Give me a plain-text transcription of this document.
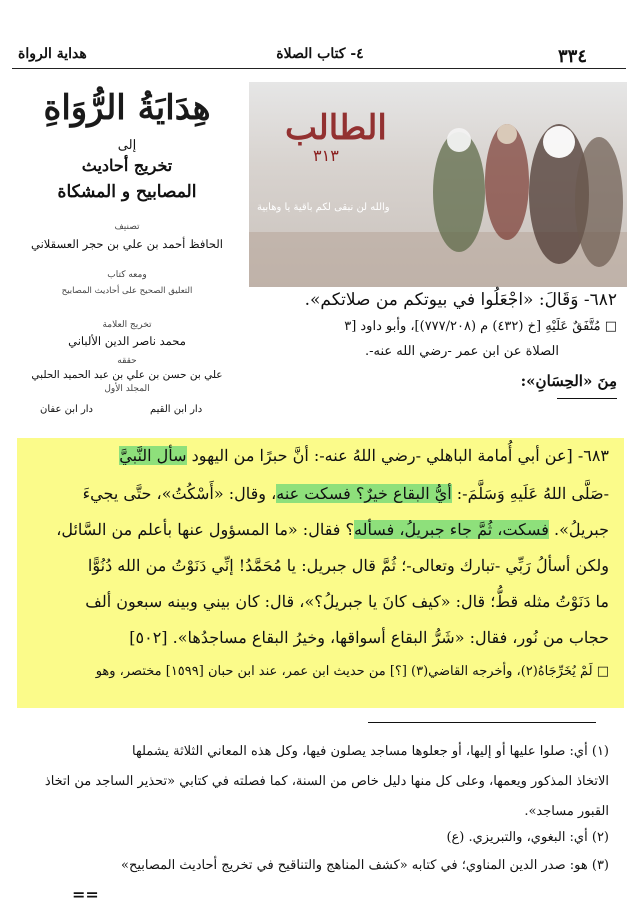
٣٣٤
٤- كتاب الصلاة
هداية الرواة
هِدَايَةُ الرُّوَاةِ
إلى
تخريج أحاديث
المصابيح و المشكاة
تصنيف
الحافظ أحمد بن علي بن حجر العسقلاني
ومعه كتاب
التعليق الصحيح على أحاديث المصابيح
تخريج العلامة
محمد ناصر الدين الألباني
حققه
علي بن حسن بن علي بن عبد الحميد الحلبي
المجلد الأول
دار ابن القيم
دار ابن عفان
الطالب
٣١٣
والله لن نبقى لكم باقية يا وهابية
٦٨٢- وَقَالَ: «اجْعَلُوا في بيوتكم من صلاتكم».
□ مُتَّفَقٌ عَلَيْهِ [خ (٤٣٢) م (٧٧٧/٢٠٨)]، وأبو داود [٣
الصلاة عن ابن عمر -رضي الله عنه-.
مِنَ «الحِسَانِ»:
٦٨٣- [عن أبي أُمامة الباهلي -رضي اللهُ عنه-: أنَّ حبرًا من اليهود سأل النَّبيَّ
-صَلَّى اللهُ عَلَيهِ وَسَلَّمَ-: أيُّ البقاع خيرٌ؟ فسكت عنه، وقال: «أَسْكُتُ»، حتَّى يجيءَ
جبريلُ». فسكت، ثُمَّ جاء جبريلُ، فسأله؟ فقال: «ما المسؤول عنها بأعلم من السَّائل،
ولكن أسألُ رَبِّي -تبارك وتعالى-؛ ثُمَّ قال جبريل: يا مُحَمَّدُ! إنِّي دَنَوْتُ من الله دُنُوًّا
ما دَنَوْتُ مثله قطُّ؛ قال: «كيف كانَ يا جبريلُ؟»، قال: كان بيني وبينه سبعون ألف
حجاب من نُور، فقال: «شَرُّ البقاع أسواقها، وخيرُ البقاع مساجدُها». [٥٠٢]
□ لَمْ يُخَرِّجَاهُ(٢)، وأخرجه القاضي(٣) [؟] من حديث ابن عمر، عند ابن حبان [١٥٩٩] مختصر، وهو
(١) أي: صلوا عليها أو إليها، أو جعلوها مساجد يصلون فيها، وكل هذه المعاني الثلاثة يشملها
الاتخاذ المذكور ويعمها، وعلى كل منها دليل خاص من السنة، كما فصلته في كتابي «تحذير الساجد من اتخاذ
القبور مساجد».
(٢) أي: البغوي، والتبريزي. (ع)
(٣) هو: صدر الدين المناوي؛ في كتابه «كشف المناهج والتناقيح في تخريج أحاديث المصابيح»
==
